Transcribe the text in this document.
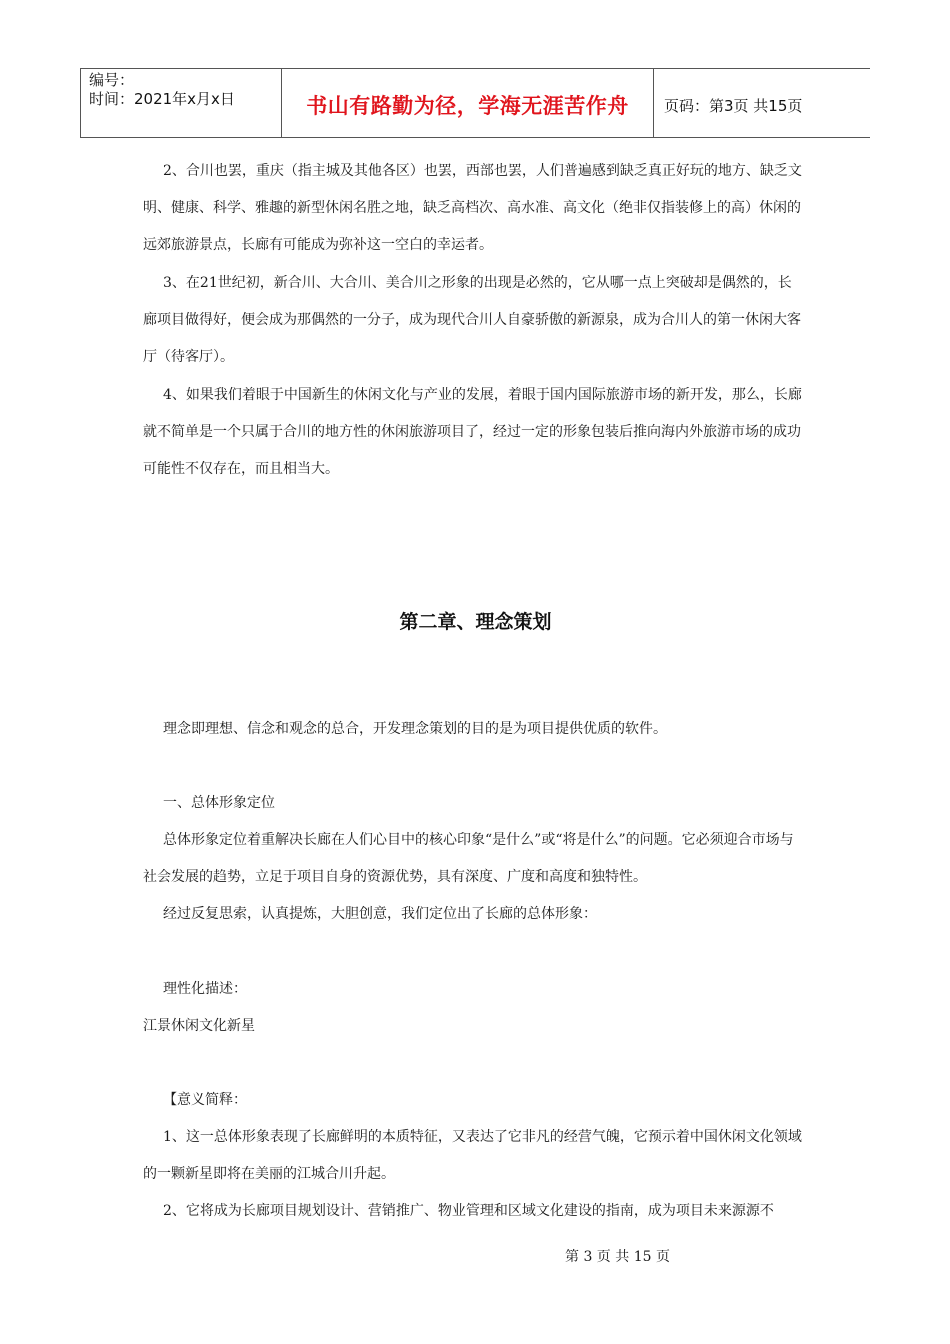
编号：
时间：2021年x月x日	书山有路勤为径，学海无涯苦作舟	页码：第3页 共15页

2、合川也罢，重庆（指主城及其他各区）也罢，西部也罢，人们普遍感到缺乏真正好玩的地方、缺乏文明、健康、科学、雅趣的新型休闲名胜之地，缺乏高档次、高水准、高文化（绝非仅指装修上的高）休闲的远郊旅游景点，长廊有可能成为弥补这一空白的幸运者。

3、在21世纪初，新合川、大合川、美合川之形象的出现是必然的，它从哪一点上突破却是偶然的，长廊项目做得好，便会成为那偶然的一分子，成为现代合川人自豪骄傲的新源泉，成为合川人的第一休闲大客厅（待客厅）。

4、如果我们着眼于中国新生的休闲文化与产业的发展，着眼于国内国际旅游市场的新开发，那么，长廊就不简单是一个只属于合川的地方性的休闲旅游项目了，经过一定的形象包装后推向海内外旅游市场的成功可能性不仅存在，而且相当大。

第二章、理念策划

理念即理想、信念和观念的总合，开发理念策划的目的是为项目提供优质的软件。

一、总体形象定位

总体形象定位着重解决长廊在人们心目中的核心印象“是什么”或“将是什么”的问题。它必须迎合市场与社会发展的趋势，立足于项目自身的资源优势，具有深度、广度和高度和独特性。

经过反复思索，认真提炼，大胆创意，我们定位出了长廊的总体形象：

理性化描述：

江景休闲文化新星

【意义简释：

1、这一总体形象表现了长廊鲜明的本质特征，又表达了它非凡的经营气魄，它预示着中国休闲文化领域的一颗新星即将在美丽的江城合川升起。

2、它将成为长廊项目规划设计、营销推广、物业管理和区域文化建设的指南，成为项目未来源源不

第 3 页 共 15 页
